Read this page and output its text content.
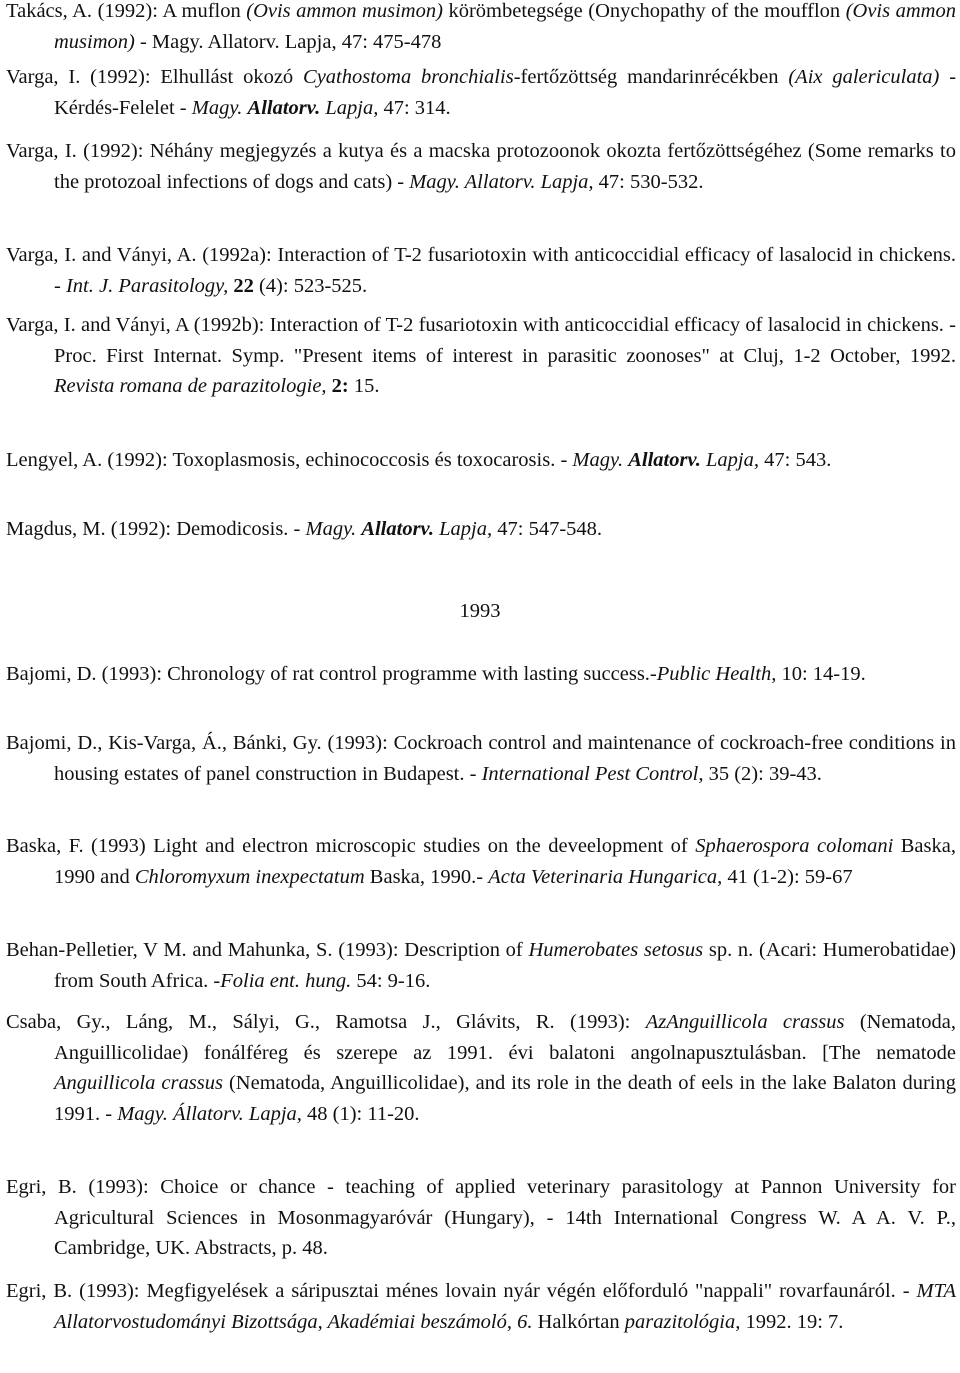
Takács, A. (1992): A muflon (Ovis ammon musimon) körömbetegsége (Onychopathy of the moufflon (Ovis ammon musimon) - Magy. Allatorv. Lapja, 47: 475-478

Varga, I. (1992): Elhullást okozó Cyathostoma bronchialis-fertőzöttség mandarinrécékben (Aix galericulata) - Kérdés-Felelet - Magy. Allatorv. Lapja, 47: 314.

Varga, I. (1992): Néhány megjegyzés a kutya és a macska protozoonok okozta fertőzöttségéhez (Some remarks to the protozoal infections of dogs and cats) - Magy. Allatorv. Lapja, 47: 530-532.

Varga, I. and Ványi, A. (1992a): Interaction of T-2 fusariotoxin with anticoccidial efficacy of lasalocid in chickens. - Int. J. Parasitology, 22 (4): 523-525.

Varga, I. and Ványi, A (1992b): Interaction of T-2 fusariotoxin with anticoccidial efficacy of lasalocid in chickens. - Proc. First Internat. Symp. "Present items of interest in parasitic zoonoses" at Cluj, 1-2 October, 1992. Revista romana de parazitologie, 2: 15.

Lengyel, A. (1992): Toxoplasmosis, echinococcosis és toxocarosis. - Magy. Allatorv. Lapja, 47: 543.

Magdus, M. (1992): Demodicosis. - Magy. Allatorv. Lapja, 47: 547-548.

1993

Bajomi, D. (1993): Chronology of rat control programme with lasting success.-Public Health, 10: 14-19.

Bajomi, D., Kis-Varga, Á., Bánki, Gy. (1993): Cockroach control and maintenance of cockroach-free conditions in housing estates of panel construction in Budapest. - International Pest Control, 35 (2): 39-43.

Baska, F. (1993) Light and electron microscopic studies on the deveelopment of Sphaerospora colomani Baska, 1990 and Chloromyxum inexpectatum Baska, 1990.- Acta Veterinaria Hungarica, 41 (1-2): 59-67

Behan-Pelletier, V M. and Mahunka, S. (1993): Description of Humerobates setosus sp. n. (Acari: Humerobatidae) from South Africa. -Folia ent. hung. 54: 9-16.

Csaba, Gy., Láng, M., Sályi, G., Ramotsa J., Glávits, R. (1993): AzAnguillicola crassus (Nematoda, Anguillicolidae) fonálféreg és szerepe az 1991. évi balatoni angolnapusztulásban. [The nematode Anguillicola crassus (Nematoda, Anguillicolidae), and its role in the death of eels in the lake Balaton during 1991. - Magy. Állatorv. Lapja, 48 (1): 11-20.

Egri, B. (1993): Choice or chance - teaching of applied veterinary parasitology at Pannon University for Agricultural Sciences in Mosonmagyaróvár (Hungary), - 14th International Congress W. A A. V. P., Cambridge, UK. Abstracts, p. 48.

Egri, B. (1993): Megfigyelések a sáripusztai ménes lovain nyár végén előforduló "nappali" rovarfaunáról. - MTA Allatorvostudományi Bizottsága, Akadémiai beszámoló, 6. Halkórtan parazitológia, 1992. 19: 7.
